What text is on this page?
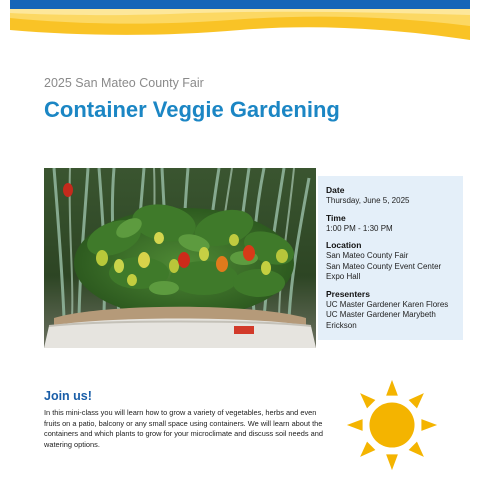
2025 San Mateo County Fair
Container Veggie Gardening
Date
Thursday, June 5, 2025
Time
1:00 PM - 1:30 PM
Location
San Mateo County Fair
San Mateo County Event Center
Expo Hall
Presenters
UC Master Gardener Karen Flores
UC Master Gardener Marybeth
Erickson
Join us!

In this mini-class you will learn how to grow a variety of vegetables, herbs and even fruits on a patio, balcony or any small space using containers. We will learn about the containers and which plants to grow for your microclimate and discuss soil needs and watering options.
